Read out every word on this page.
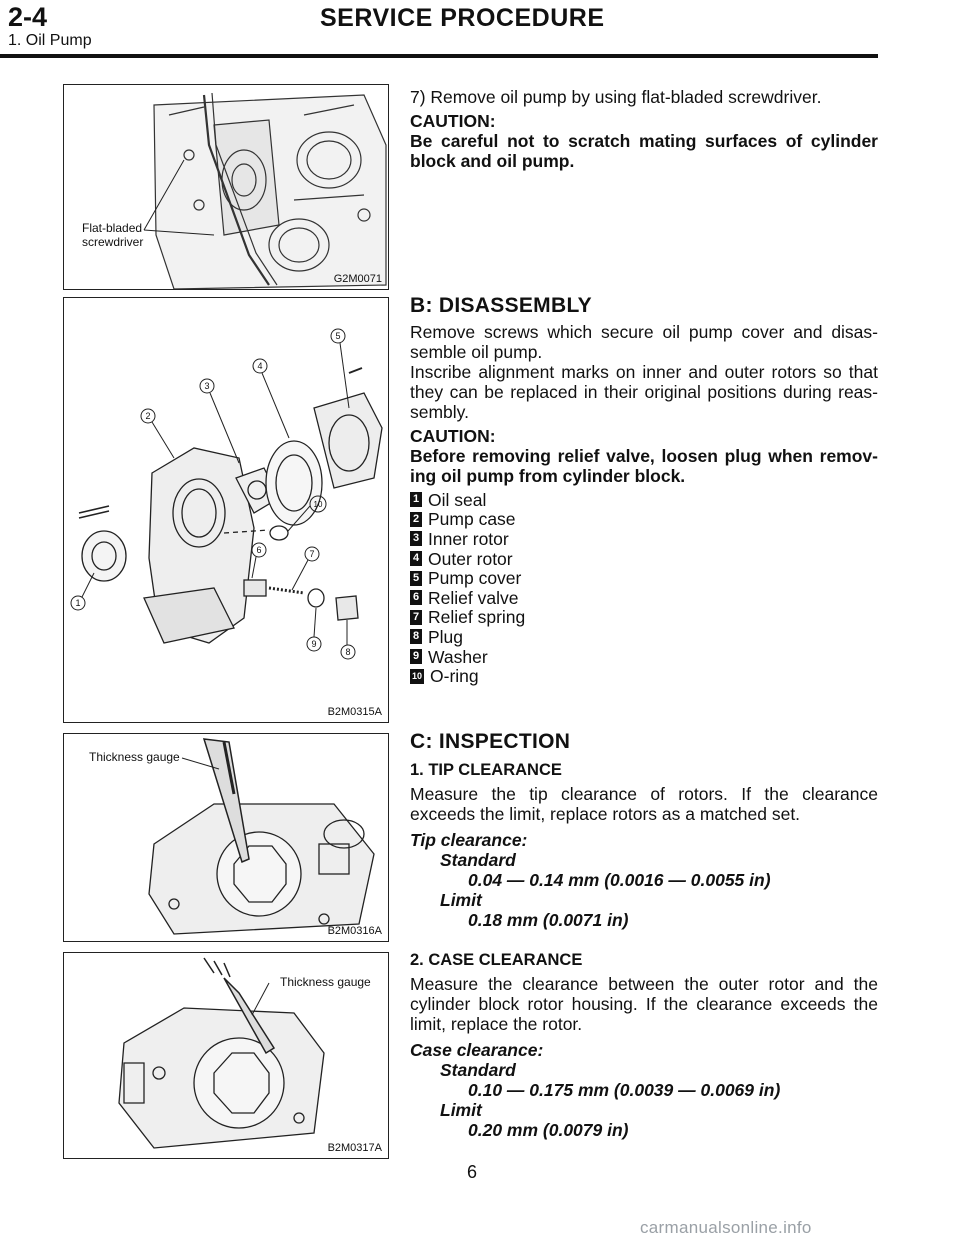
2-4	SERVICE PROCEDURE
1. Oil Pump
Flat-bladed
screwdriver
G2M0071
1
2
3
4
5
6	7
8
9
10
B2M0315A
Thickness gauge
B2M0316A
Thickness gauge
B2M0317A

7) Remove oil pump by using flat-bladed screwdriver.

CAUTION:

Be careful not to scratch mating surfaces of cylinder block and oil pump.

B: DISASSEMBLY

Remove screws which secure oil pump cover and disas-semble oil pump.

Inscribe alignment marks on inner and outer rotors so that they can be replaced in their original positions during reas-sembly.

CAUTION:

Before removing relief valve, loosen plug when remov-ing oil pump from cylinder block.

1 Oil seal
2 Pump case
3 Inner rotor
4 Outer rotor
5 Pump cover
6 Relief valve
7 Relief spring
8 Plug
9 Washer
10 O-ring

C: INSPECTION

1. TIP CLEARANCE

Measure the tip clearance of rotors. If the clearance exceeds the limit, replace rotors as a matched set.

Tip clearance:

Standard

0.04 — 0.14 mm (0.0016 — 0.0055 in)

Limit

0.18 mm (0.0071 in)

2. CASE CLEARANCE

Measure the clearance between the outer rotor and the cylinder block rotor housing. If the clearance exceeds the limit, replace the rotor.

Case clearance:

Standard

0.10 — 0.175 mm (0.0039 — 0.0069 in)

Limit

0.20 mm (0.0079 in)

6
carmanualsonline.info
